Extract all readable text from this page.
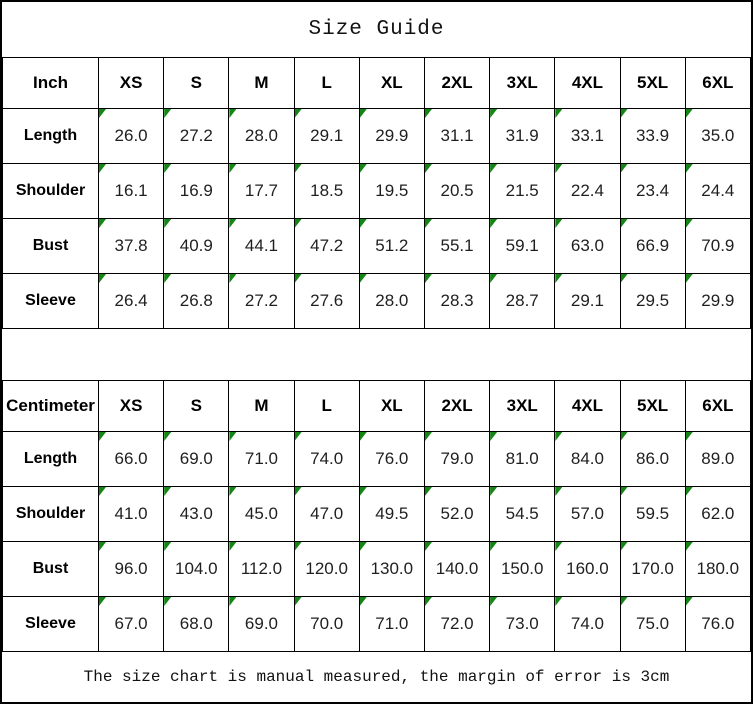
Size Guide
Inch	XS	S	M	L	XL	2XL	3XL	4XL	5XL	6XL
Length	26.0	27.2	28.0	29.1	29.9	31.1	31.9	33.1	33.9	35.0
Shoulder	16.1	16.9	17.7	18.5	19.5	20.5	21.5	22.4	23.4	24.4
Bust	37.8	40.9	44.1	47.2	51.2	55.1	59.1	63.0	66.9	70.9
Sleeve	26.4	26.8	27.2	27.6	28.0	28.3	28.7	29.1	29.5	29.9
Centimeter	XS	S	M	L	XL	2XL	3XL	4XL	5XL	6XL
Length	66.0	69.0	71.0	74.0	76.0	79.0	81.0	84.0	86.0	89.0
Shoulder	41.0	43.0	45.0	47.0	49.5	52.0	54.5	57.0	59.5	62.0
Bust	96.0	104.0	112.0	120.0	130.0	140.0	150.0	160.0	170.0	180.0
Sleeve	67.0	68.0	69.0	70.0	71.0	72.0	73.0	74.0	75.0	76.0
The size chart is manual measured, the margin of error is 3cm
